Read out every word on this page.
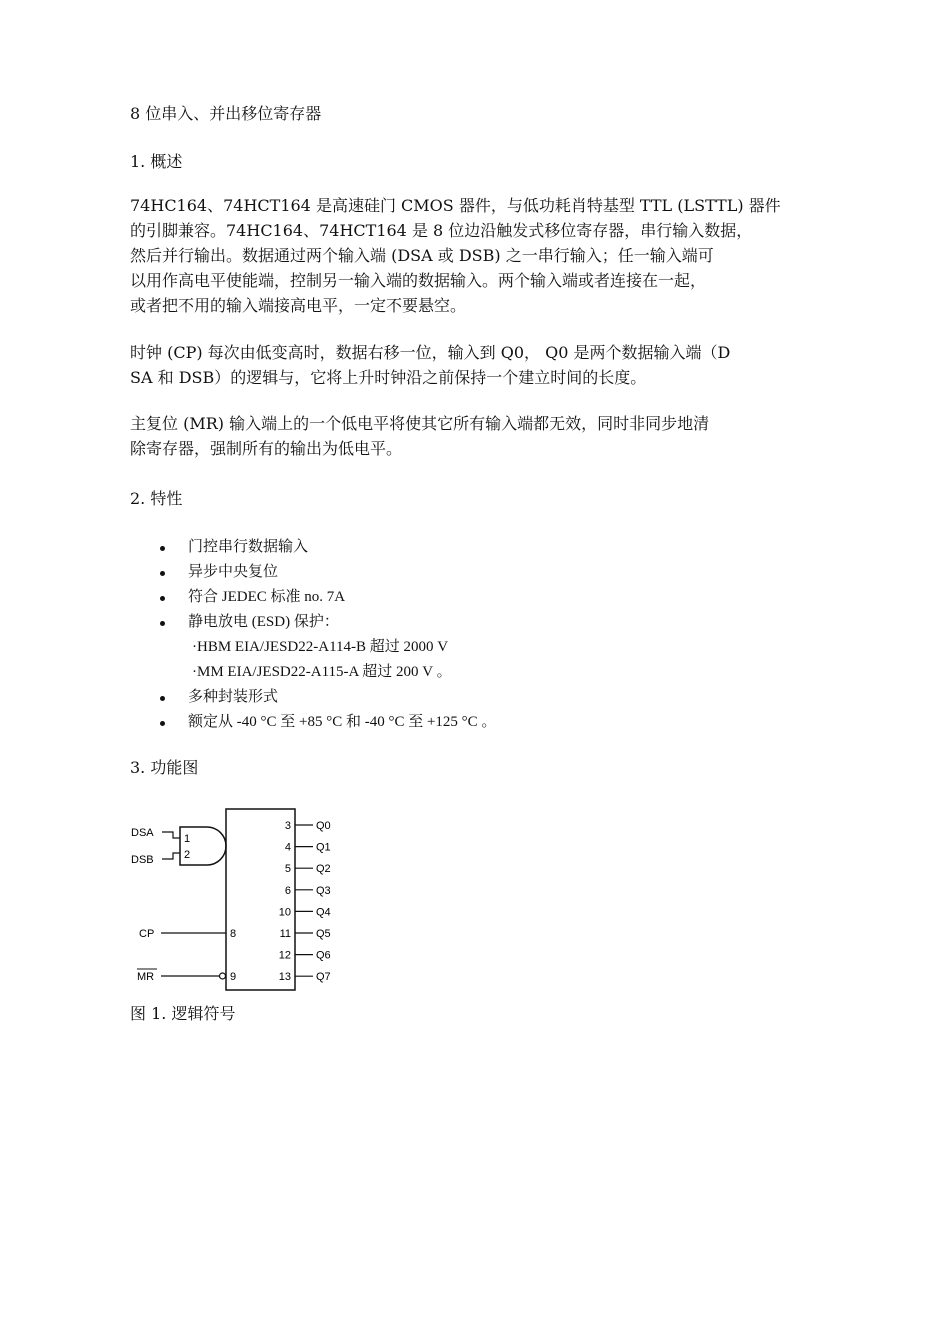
8 位串入、并出移位寄存器
1. 概述
74HC164、74HCT164 是高速硅门 CMOS 器件，与低功耗肖特基型 TTL (LSTTL) 器件
的引脚兼容。74HC164、74HCT164 是 8 位边沿触发式移位寄存器，串行输入数据，
然后并行输出。数据通过两个输入端 (DSA 或 DSB) 之一串行输入；任一输入端可
以用作高电平使能端，控制另一输入端的数据输入。两个输入端或者连接在一起，
或者把不用的输入端接高电平，一定不要悬空。
时钟 (CP) 每次由低变高时，数据右移一位，输入到 Q0， Q0 是两个数据输入端（D
SA 和 DSB）的逻辑与，它将上升时钟沿之前保持一个建立时间的长度。
主复位 (MR) 输入端上的一个低电平将使其它所有输入端都无效，同时非同步地清
除寄存器，强制所有的输出为低电平。
2. 特性
门控串行数据输入
异步中央复位
符合 JEDEC 标准 no. 7A
静电放电 (ESD) 保护：
·HBM EIA/JESD22-A114-B 超过 2000 V
·MM EIA/JESD22-A115-A 超过 200 V 。
多种封装形式
额定从 -40 °C 至 +85 °C 和 -40 °C 至 +125 °C 。
3. 功能图
图 1. 逻辑符号
DSA	1
DSB	2
CP	8
MR	9
3 Q0
4 Q1
5 Q2
6 Q3
10 Q4
11 Q5
12 Q6
13 Q7
